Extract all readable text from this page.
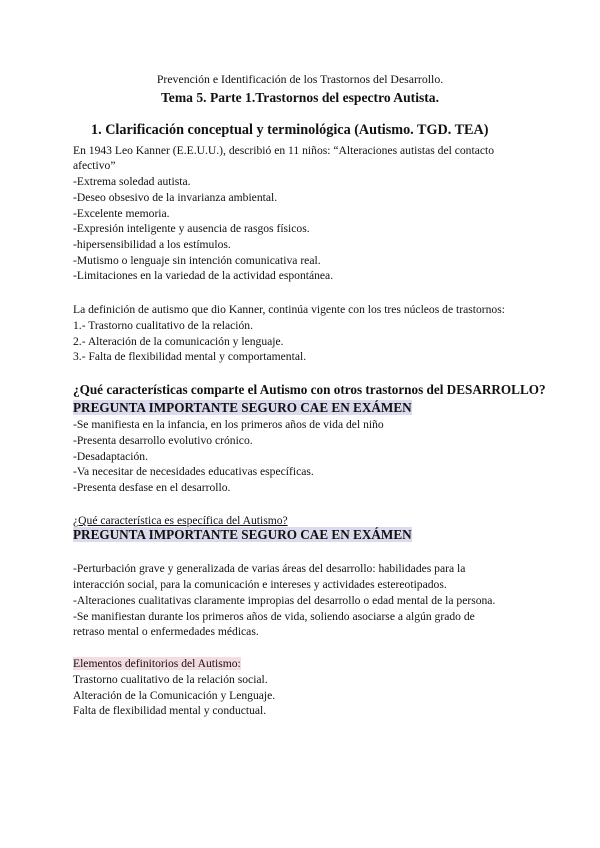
Prevención e Identificación de los Trastornos del Desarrollo.
Tema 5. Parte 1.Trastornos del espectro Autista.
1. Clarificación conceptual y terminológica (Autismo. TGD. TEA)
En 1943 Leo Kanner (E.E.U.U.), describió en 11 niños: “Alteraciones autistas del contacto
afectivo”
-Extrema soledad autista.
-Deseo obsesivo de la invarianza ambiental.
-Excelente memoria.
-Expresión inteligente y ausencia de rasgos físicos.
-hipersensibilidad a los estímulos.
-Mutismo o lenguaje sin intención comunicativa real.
-Limitaciones en la variedad de la actividad espontánea.
La definición de autismo que dio Kanner, continúa vigente con los tres núcleos de trastornos:
1.- Trastorno cualitativo de la relación.
2.- Alteración de la comunicación y lenguaje.
3.- Falta de flexibilidad mental y comportamental.
¿Qué características comparte el Autismo con otros trastornos del DESARROLLO?
PREGUNTA IMPORTANTE SEGURO CAE EN EXÁMEN
-Se manifiesta en la infancia, en los primeros años de vida del niño
-Presenta desarrollo evolutivo crónico.
-Desadaptación.
-Va necesitar de necesidades educativas específicas.
-Presenta desfase en el desarrollo.
¿Qué característica es específica del Autismo?
PREGUNTA IMPORTANTE SEGURO CAE EN EXÁMEN
-Perturbación grave y generalizada de varias áreas del desarrollo: habilidades para la
interacción social, para la comunicación e intereses y actividades estereotipados.
-Alteraciones cualitativas claramente impropias del desarrollo o edad mental de la persona.
-Se manifiestan durante los primeros años de vida, soliendo asociarse a algún grado de
retraso mental o enfermedades médicas.
Elementos definitorios del Autismo:
Trastorno cualitativo de la relación social.
Alteración de la Comunicación y Lenguaje.
Falta de flexibilidad mental y conductual.
